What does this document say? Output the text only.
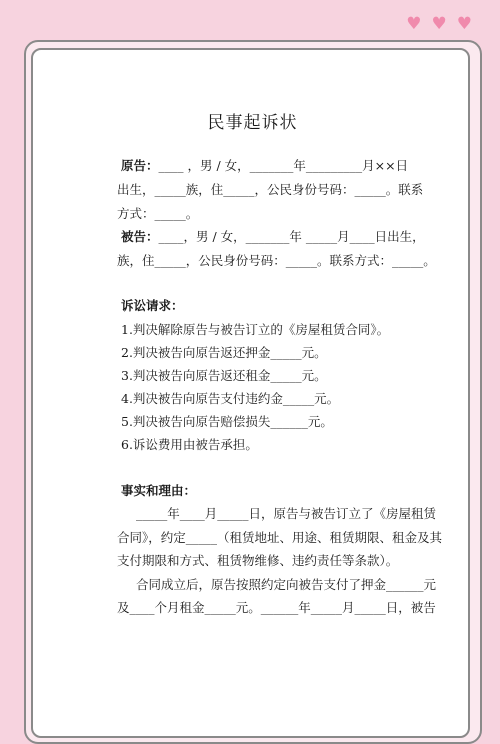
♥ ♥ ♥
民事起诉状
原告：____ ，男 / 女，_______年_________月××日
出生，_____族，住_____，公民身份号码：_____。联系
方式：_____。
被告：____，男 / 女，_______年 _____月____日出生，
族，住_____，公民身份号码：_____。联系方式：_____。
诉讼请求：
1.判决解除原告与被告订立的《房屋租赁合同》。
2.判决被告向原告返还押金_____元。
3.判决被告向原告返还租金_____元。
4.判决被告向原告支付违约金_____元。
5.判决被告向原告赔偿损失______元。
6.诉讼费用由被告承担。
事实和理由：
_____年____月_____日，原告与被告订立了《房屋租赁
合同》，约定_____（租赁地址、用途、租赁期限、租金及其
支付期限和方式、租赁物维修、违约责任等条款）。
合同成立后，原告按照约定向被告支付了押金______元
及____个月租金_____元。______年_____月_____日，被告
